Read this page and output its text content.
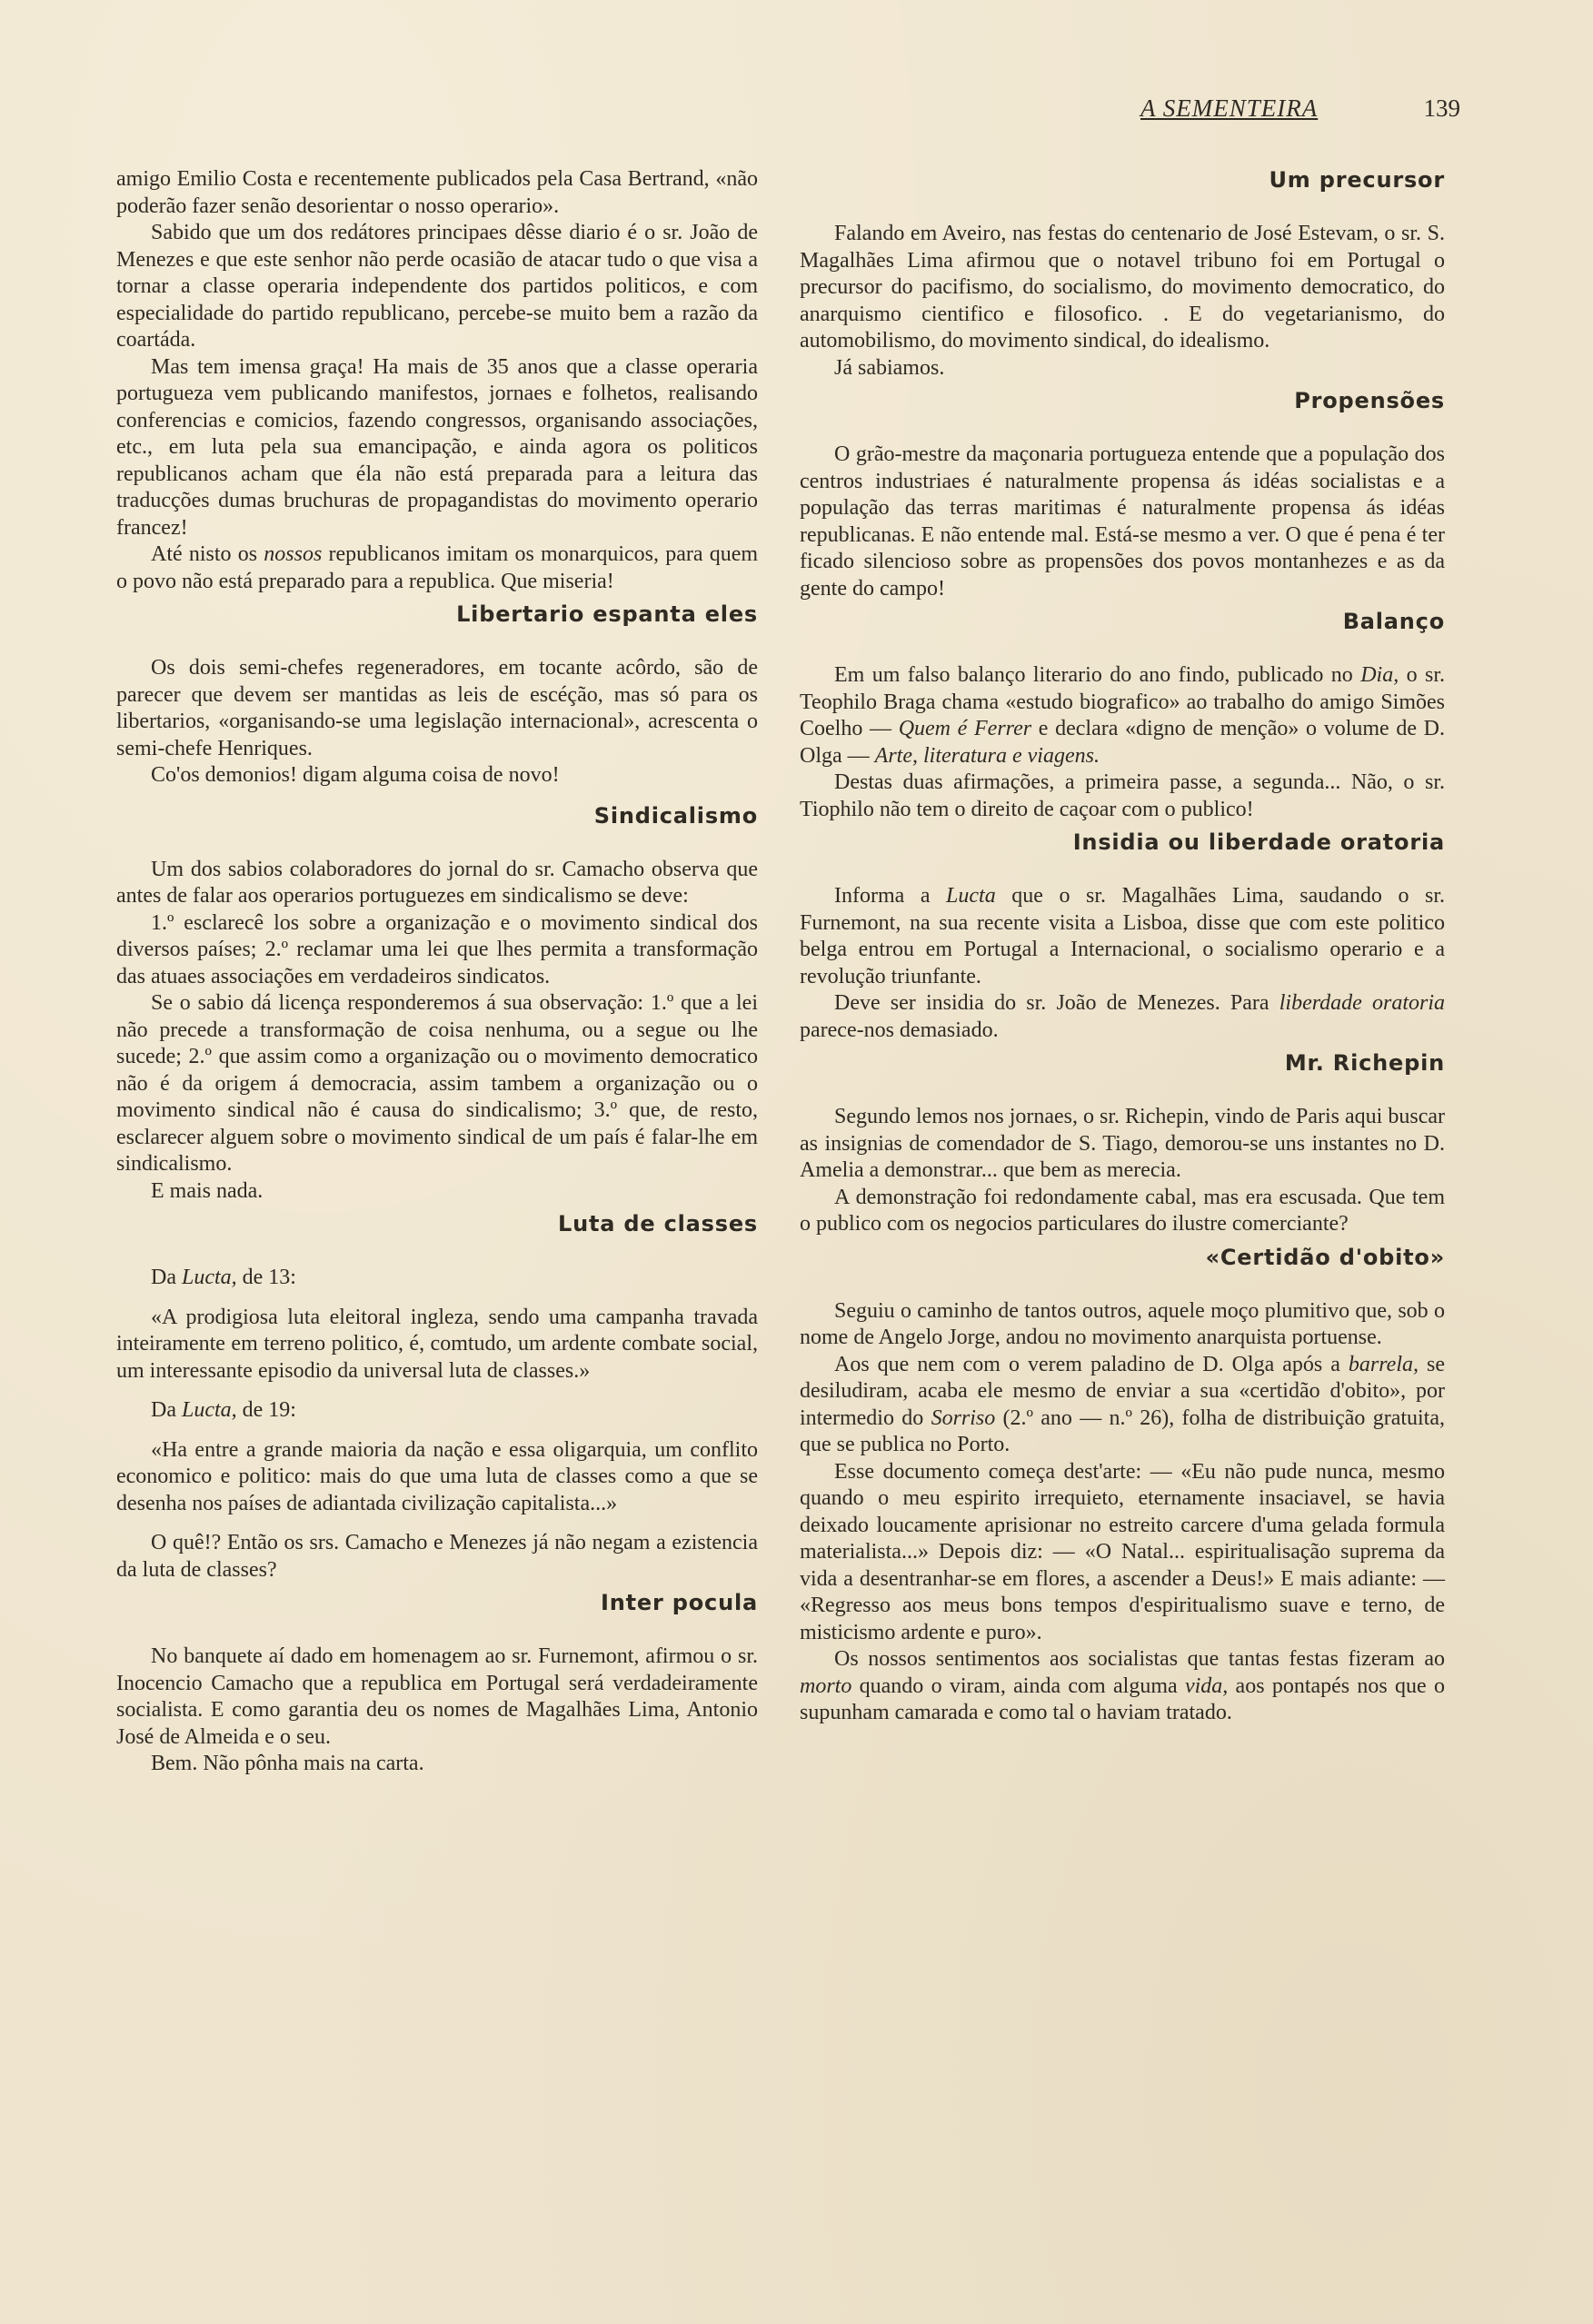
A SEMENTEIRA	139

amigo Emilio Costa e recentemente publicados pela Casa Bertrand, «não poderão fazer senão desorientar o nosso operario».

Sabido que um dos redátores principaes dêsse diario é o sr. João de Menezes e que este senhor não perde ocasião de atacar tudo o que visa a tornar a classe operaria independente dos partidos politicos, e com especialidade do partido republicano, percebe-se muito bem a razão da coartáda.

Mas tem imensa graça! Ha mais de 35 anos que a classe operaria portugueza vem publicando manifestos, jornaes e folhetos, realisando conferencias e comicios, fazendo congressos, organisando associações, etc., em luta pela sua emancipação, e ainda agora os politicos republicanos acham que éla não está preparada para a leitura das traducções dumas bruchuras de propagandistas do movimento operario francez!

Até nisto os nossos republicanos imitam os monarquicos, para quem o povo não está preparado para a republica. Que miseria!

Libertario espanta eles

Os dois semi-chefes regeneradores, em tocante acôrdo, são de parecer que devem ser mantidas as leis de escéção, mas só para os libertarios, «organisando-se uma legislação internacional», acrescenta o semi-chefe Henriques.

Co'os demonios! digam alguma coisa de novo!

Sindicalismo

Um dos sabios colaboradores do jornal do sr. Camacho observa que antes de falar aos operarios portuguezes em sindicalismo se deve:

1.º esclarecê los sobre a organização e o movimento sindical dos diversos países; 2.º reclamar uma lei que lhes permita a transformação das atuaes associações em verdadeiros sindicatos.

Se o sabio dá licença responderemos á sua observação: 1.º que a lei não precede a transformação de coisa nenhuma, ou a segue ou lhe sucede; 2.º que assim como a organização ou o movimento democratico não é da origem á democracia, assim tambem a organização ou o movimento sindical não é causa do sindicalismo; 3.º que, de resto, esclarecer alguem sobre o movimento sindical de um país é falar-lhe em sindicalismo.

E mais nada.

Luta de classes

Da Lucta, de 13:

«A prodigiosa luta eleitoral ingleza, sendo uma campanha travada inteiramente em terreno politico, é, comtudo, um ardente combate social, um interessante episodio da universal luta de classes.»

Da Lucta, de 19:

«Ha entre a grande maioria da nação e essa oligarquia, um conflito economico e politico: mais do que uma luta de classes como a que se desenha nos países de adiantada civilização capitalista...»

O quê!? Então os srs. Camacho e Menezes já não negam a ezistencia da luta de classes?

Inter pocula

No banquete aí dado em homenagem ao sr. Furnemont, afirmou o sr. Inocencio Camacho que a republica em Portugal será verdadeiramente socialista. E como garantia deu os nomes de Magalhães Lima, Antonio José de Almeida e o seu.

Bem. Não pônha mais na carta.

Um precursor

Falando em Aveiro, nas festas do centenario de José Estevam, o sr. S. Magalhães Lima afirmou que o notavel tribuno foi em Portugal o precursor do pacifismo, do socialismo, do movimento democratico, do anarquismo cientifico e filosofico. . E do vegetarianismo, do automobilismo, do movimento sindical, do idealismo.

Já sabiamos.

Propensões

O grão-mestre da maçonaria portugueza entende que a população dos centros industriaes é naturalmente propensa ás idéas socialistas e a população das terras maritimas é naturalmente propensa ás idéas republicanas. E não entende mal. Está-se mesmo a ver. O que é pena é ter ficado silencioso sobre as propensões dos povos montanhezes e as da gente do campo!

Balanço

Em um falso balanço literario do ano findo, publicado no Dia, o sr. Teophilo Braga chama «estudo biografico» ao trabalho do amigo Simões Coelho — Quem é Ferrer e declara «digno de menção» o volume de D. Olga — Arte, literatura e viagens.

Destas duas afirmações, a primeira passe, a segunda... Não, o sr. Tiophilo não tem o direito de caçoar com o publico!

Insidia ou liberdade oratoria

Informa a Lucta que o sr. Magalhães Lima, saudando o sr. Furnemont, na sua recente visita a Lisboa, disse que com este politico belga entrou em Portugal a Internacional, o socialismo operario e a revolução triunfante.

Deve ser insidia do sr. João de Menezes. Para liberdade oratoria parece-nos demasiado.

Mr. Richepin

Segundo lemos nos jornaes, o sr. Richepin, vindo de Paris aqui buscar as insignias de comendador de S. Tiago, demorou-se uns instantes no D. Amelia a demonstrar... que bem as merecia.

A demonstração foi redondamente cabal, mas era escusada. Que tem o publico com os negocios particulares do ilustre comerciante?

«Certidão d'obito»

Seguiu o caminho de tantos outros, aquele moço plumitivo que, sob o nome de Angelo Jorge, andou no movimento anarquista portuense.

Aos que nem com o verem paladino de D. Olga após a barrela, se desiludiram, acaba ele mesmo de enviar a sua «certidão d'obito», por intermedio do Sorriso (2.º ano — n.º 26), folha de distribuição gratuita, que se publica no Porto.

Esse documento começa dest'arte: — «Eu não pude nunca, mesmo quando o meu espirito irrequieto, eternamente insaciavel, se havia deixado loucamente aprisionar no estreito carcere d'uma gelada formula materialista...» Depois diz: — «O Natal... espiritualisação suprema da vida a desentranhar-se em flores, a ascender a Deus!» E mais adiante: — «Regresso aos meus bons tempos d'espiritualismo suave e terno, de misticismo ardente e puro».

Os nossos sentimentos aos socialistas que tantas festas fizeram ao morto quando o viram, ainda com alguma vida, aos pontapés nos que o supunham camarada e como tal o haviam tratado.
